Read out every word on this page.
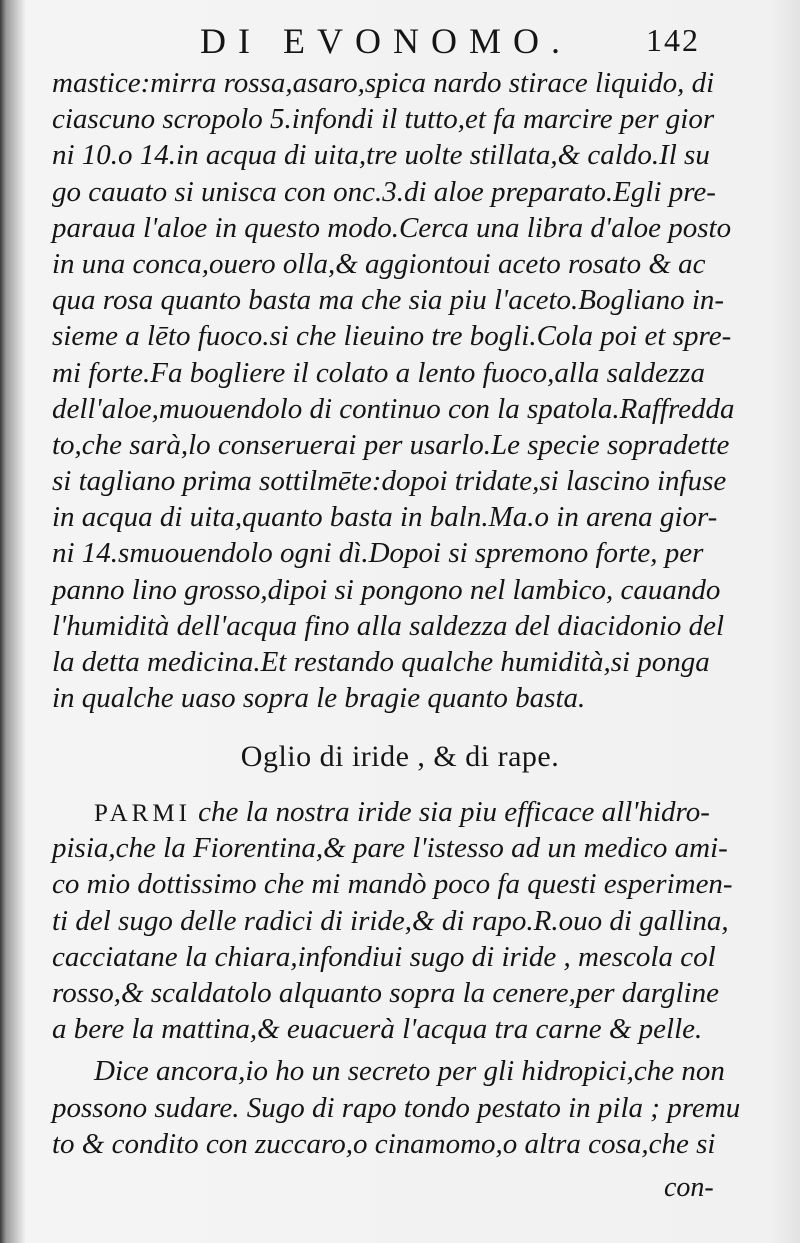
DI EVONOMO. 142
mastice:mirra rossa,asaro,spica nardo stirace liquido, di
ciascuno scropolo 5.infondi il tutto,et fa marcire per gior
ni 10.o 14.in acqua di uita,tre uolte stillata,& caldo.Il su
go cauato si unisca con onc.3.di aloe preparato.Egli pre-
paraua l'aloe in questo modo.Cerca una libra d'aloe posto
in una conca,ouero olla,& aggiontoui aceto rosato & ac
qua rosa quanto basta ma che sia piu l'aceto.Bogliano in-
sieme a lēto fuoco.si che lieuino tre bogli.Cola poi et spre-
mi forte.Fa bogliere il colato a lento fuoco,alla saldezza
dell'aloe,muouendolo di continuo con la spatola.Raffredda
to,che sarà,lo conseruerai per usarlo.Le specie sopradette
si tagliano prima sottilmēte:dopoi tridate,si lascino infuse
in acqua di uita,quanto basta in baln.Ma.o in arena gior-
ni 14.smuouendolo ogni dì.Dopoi si spremono forte, per
panno lino grosso,dipoi si pongono nel lambico, cauando
l'humidità dell'acqua fino alla saldezza del diacidonio del
la detta medicina.Et restando qualche humidità,si ponga
in qualche uaso sopra le bragie quanto basta.
Oglio di iride , & di rape.
PARMI che la nostra iride sia piu efficace all'hidro-
pisia,che la Fiorentina,& pare l'istesso ad un medico ami-
co mio dottissimo che mi mandò poco fa questi esperimen-
ti del sugo delle radici di iride,& di rapo.R.ouo di gallina,
cacciatane la chiara,infondiui sugo di iride , mescola col
rosso,& scaldatolo alquanto sopra la cenere,per dargline
a bere la mattina,& euacuerà l'acqua tra carne & pelle.
Dice ancora,io ho un secreto per gli hidropici,che non
possono sudare. Sugo di rapo tondo pestato in pila ; premu
to & condito con zuccaro,o cinamomo,o altra cosa,che si
con-
